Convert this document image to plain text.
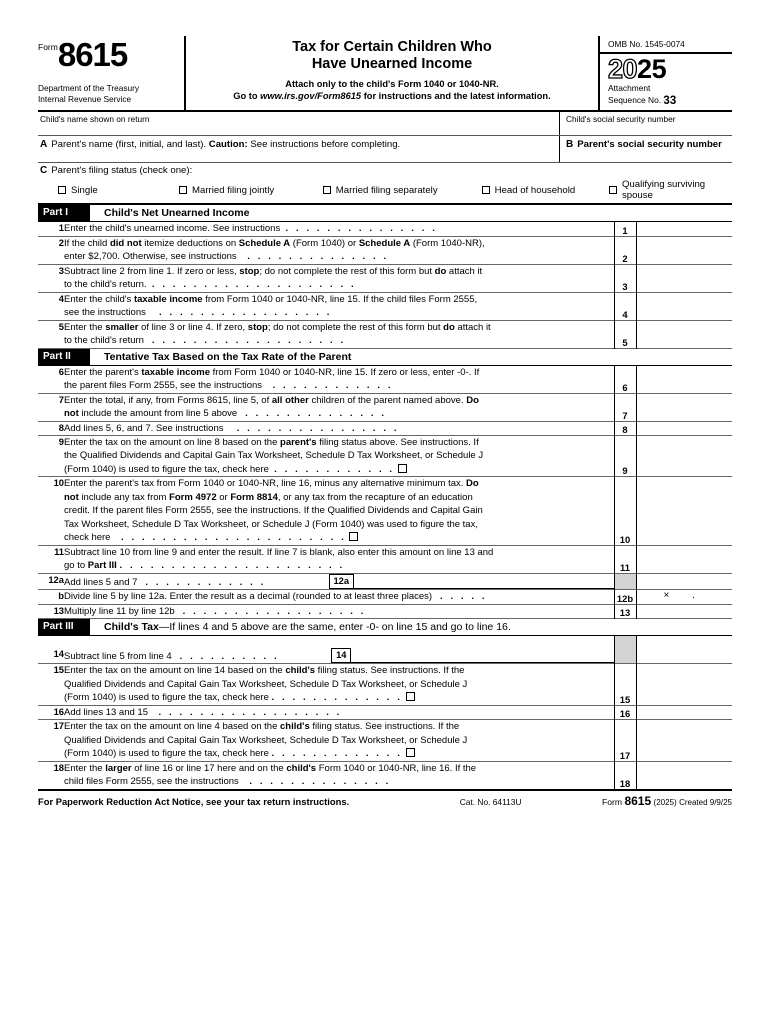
Form8615
Department of the Treasury
Internal Revenue Service
Tax for Certain Children Who
Have Unearned Income
Attach only to the child's Form 1040 or 1040-NR.
Go to www.irs.gov/Form8615 for instructions and the latest information.
OMB No. 1545-0074
2025
Attachment
Sequence No. 33
Child's name shown on return	Child's social security number
A Parent's name (first, initial, and last). Caution: See instructions before completing.	B Parent's social security number
C Parent's filing status (check one):
Single	Married filing jointly	Married filing separately	Head of household	Qualifying surviving spouse
Part I	Child's Net Unearned Income
1	Enter the child's unearned income. See instructions  . . . . . . . . . . . . . . .	1	
2	If the child did not itemize deductions on Schedule A (Form 1040) or Schedule A (Form 1040-NR),
enter $2,700. Otherwise, see instructions    . . . . . . . . . . . . . .	2	
3	Subtract line 2 from line 1. If zero or less, stop; do not complete the rest of this form but do attach it
to the child's return.  . . . . . . . . . . . . . . . . . . . .	3	
4	Enter the child's taxable income from Form 1040 or 1040-NR, line 15. If the child files Form 2555,
see the instructions     . . . . . . . . . . . . . . . . .	4	
5	Enter the smaller of line 3 or line 4. If zero, stop; do not complete the rest of this form but do attach it
to the child's return   . . . . . . . . . . . . . . . . . . .	5	
Part II	Tentative Tax Based on the Tax Rate of the Parent
6	Enter the parent's taxable income from Form 1040 or 1040-NR, line 15. If zero or less, enter -0-. If
the parent files Form 2555, see the instructions    . . . . . . . . . . . .	6	
7	Enter the total, if any, from Forms 8615, line 5, of all other children of the parent named above. Do
not include the amount from line 5 above   . . . . . . . . . . . . . .	7	
8	Add lines 5, 6, and 7. See instructions     . . . . . . . . . . . . . . . .	8	
9	Enter the tax on the amount on line 8 based on the parent's filing status above. See instructions. If
the Qualified Dividends and Capital Gain Tax Worksheet, Schedule D Tax Worksheet, or Schedule J
(Form 1040) is used to figure the tax, check here  . . . . . . . . . . . .	9	
10	Enter the parent's tax from Form 1040 or 1040-NR, line 16, minus any alternative minimum tax. Do
not include any tax from Form 4972 or Form 8814, or any tax from the recapture of an education
credit. If the parent files Form 2555, see the instructions. If the Qualified Dividends and Capital Gain
Tax Worksheet, Schedule D Tax Worksheet, or Schedule J (Form 1040) was used to figure the tax,
check here    . . . . . . . . . . . . . . . . . . . . . .	10	
11	Subtract line 10 from line 9 and enter the result. If line 7 is blank, also enter this amount on line 13 and
go to Part III . . . . . . . . . . . . . . . . . . . . . .	11	
12a	Add lines 5 and 7   . . . . . . . . . . . . 12a		

b	Divide line 5 by line 12a. Enter the result as a decimal (rounded to at least three places)   . . . . .	12b	× .
13	Multiply line 11 by line 12b   . . . . . . . . . . . . . . . . . .	13	
Part III	Child's Tax—If lines 4 and 5 above are the same, enter -0- on line 15 and go to line 16.
14	Subtract line 5 from line 4   . . . . . . . . . . 14		

15	Enter the tax on the amount on line 14 based on the child's filing status. See instructions. If the
Qualified Dividends and Capital Gain Tax Worksheet, Schedule D Tax Worksheet, or Schedule J
(Form 1040) is used to figure the tax, check here . . . . . . . . . . . . .	15	
16	Add lines 13 and 15    . . . . . . . . . . . . . . . . . .	16	
17	Enter the tax on the amount on line 4 based on the child's filing status. See instructions. If the
Qualified Dividends and Capital Gain Tax Worksheet, Schedule D Tax Worksheet, or Schedule J
(Form 1040) is used to figure the tax, check here . . . . . . . . . . . . .	17	
18	Enter the larger of line 16 or line 17 here and on the child's Form 1040 or 1040-NR, line 16. If the
child files Form 2555, see the instructions    . . . . . . . . . . . . . .	18	
For Paperwork Reduction Act Notice, see your tax return instructions.	Cat. No. 64113U	Form 8615 (2025) Created 9/9/25
